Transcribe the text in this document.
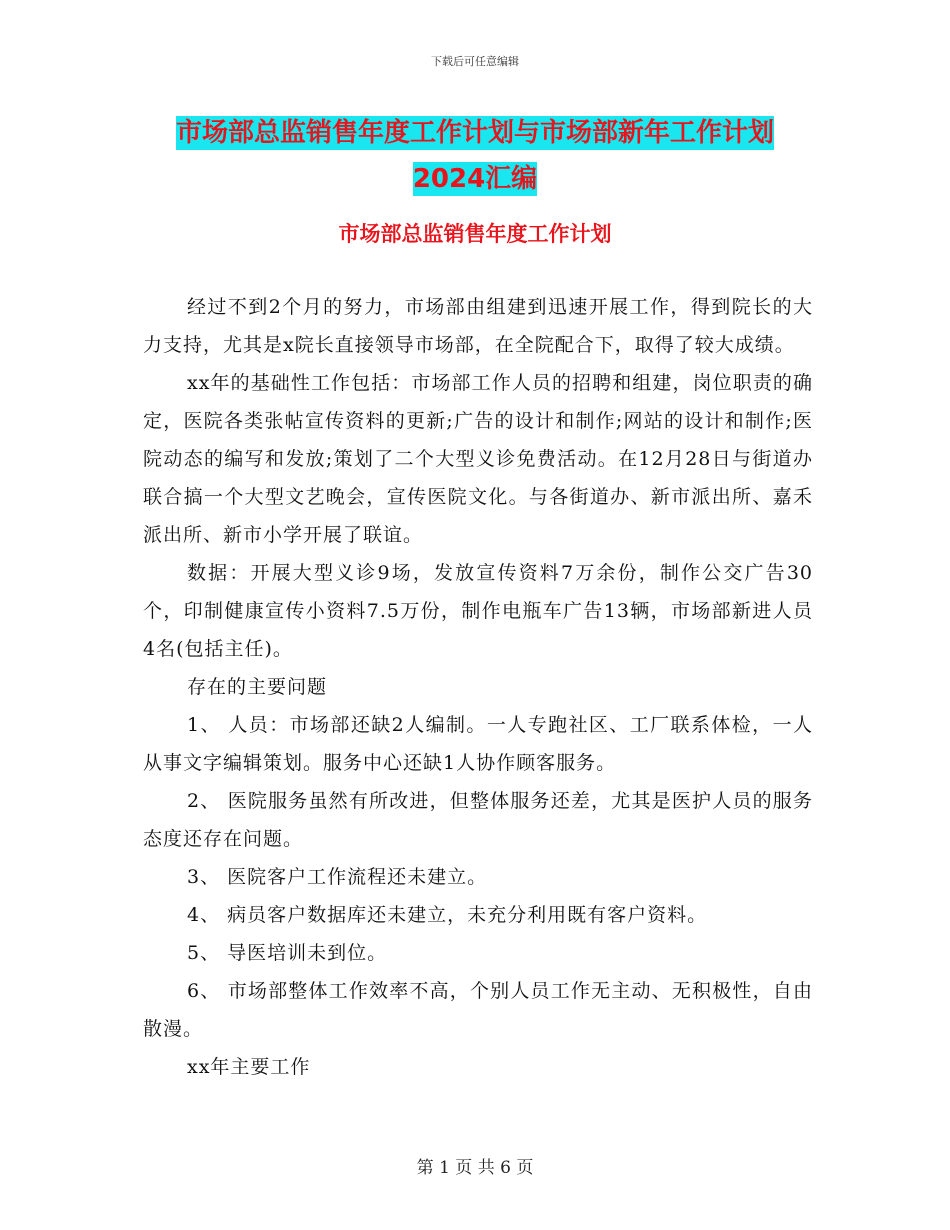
下载后可任意编辑
市场部总监销售年度工作计划与市场部新年工作计划
2024汇编
市场部总监销售年度工作计划

经过不到2个月的努力，市场部由组建到迅速开展工作，得到院长的大力支持，尤其是x院长直接领导市场部，在全院配合下，取得了较大成绩。

xx年的基础性工作包括：市场部工作人员的招聘和组建，岗位职责的确定，医院各类张帖宣传资料的更新;广告的设计和制作;网站的设计和制作;医院动态的编写和发放;策划了二个大型义诊免费活动。在12月28日与街道办联合搞一个大型文艺晚会，宣传医院文化。与各街道办、新市派出所、嘉禾派出所、新市小学开展了联谊。

数据：开展大型义诊9场，发放宣传资料7万余份，制作公交广告30个，印制健康宣传小资料7.5万份，制作电瓶车广告13辆，市场部新进人员4名(包括主任)。

存在的主要问题

1、 人员：市场部还缺2人编制。一人专跑社区、工厂联系体检，一人从事文字编辑策划。服务中心还缺1人协作顾客服务。

2、 医院服务虽然有所改进，但整体服务还差，尤其是医护人员的服务态度还存在问题。

3、 医院客户工作流程还未建立。

4、 病员客户数据库还未建立，未充分利用既有客户资料。

5、 导医培训未到位。

6、 市场部整体工作效率不高，个别人员工作无主动、无积极性，自由散漫。

xx年主要工作

第 1 页 共 6 页
